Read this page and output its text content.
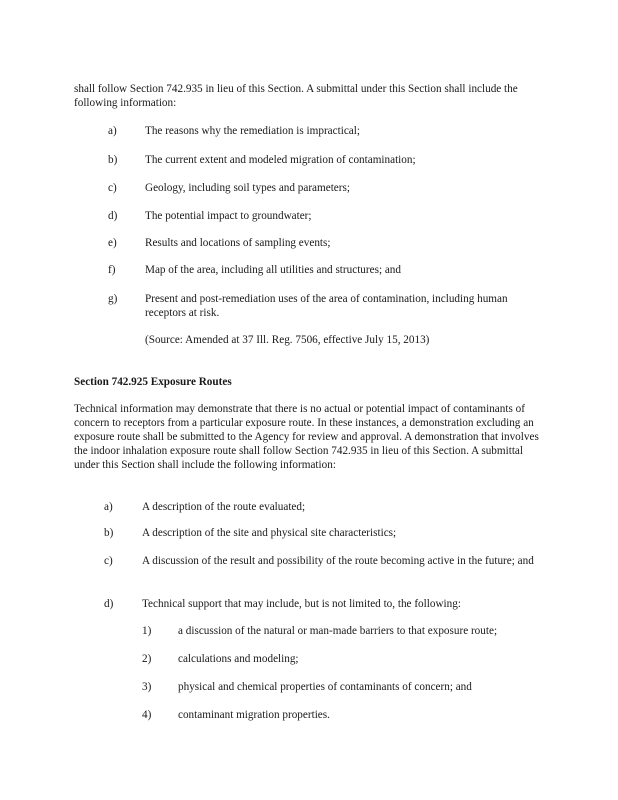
shall follow Section 742.935 in lieu of this Section. A submittal under this Section shall include the following information:

a)	The reasons why the remediation is impractical;
b) The current extent and modeled migration of contamination;
c)	Geology, including soil types and parameters;
d) The potential impact to groundwater;
e)	Results and locations of sampling events;
f)	Map of the area, including all utilities and structures; and
g) Present and post-remediation uses of the area of contamination, including human receptors at risk.
(Source: Amended at 37 Ill. Reg. 7506, effective July 15, 2013)
Section 742.925 Exposure Routes

Technical information may demonstrate that there is no actual or potential impact of contaminants of concern to receptors from a particular exposure route. In these instances, a demonstration excluding an exposure route shall be submitted to the Agency for review and approval. A demonstration that involves the indoor inhalation exposure route shall follow Section 742.935 in lieu of this Section. A submittal under this Section shall include the following information:

a)	A description of the route evaluated;
b)	A description of the site and physical site characteristics;
c)	A discussion of the result and possibility of the route becoming active in the future; and
d)	Technical support that may include, but is not limited to, the following:
1) a discussion of the natural or man-made barriers to that exposure route;
2) calculations and modeling;
3) physical and chemical properties of contaminants of concern; and
4) contaminant migration properties.
